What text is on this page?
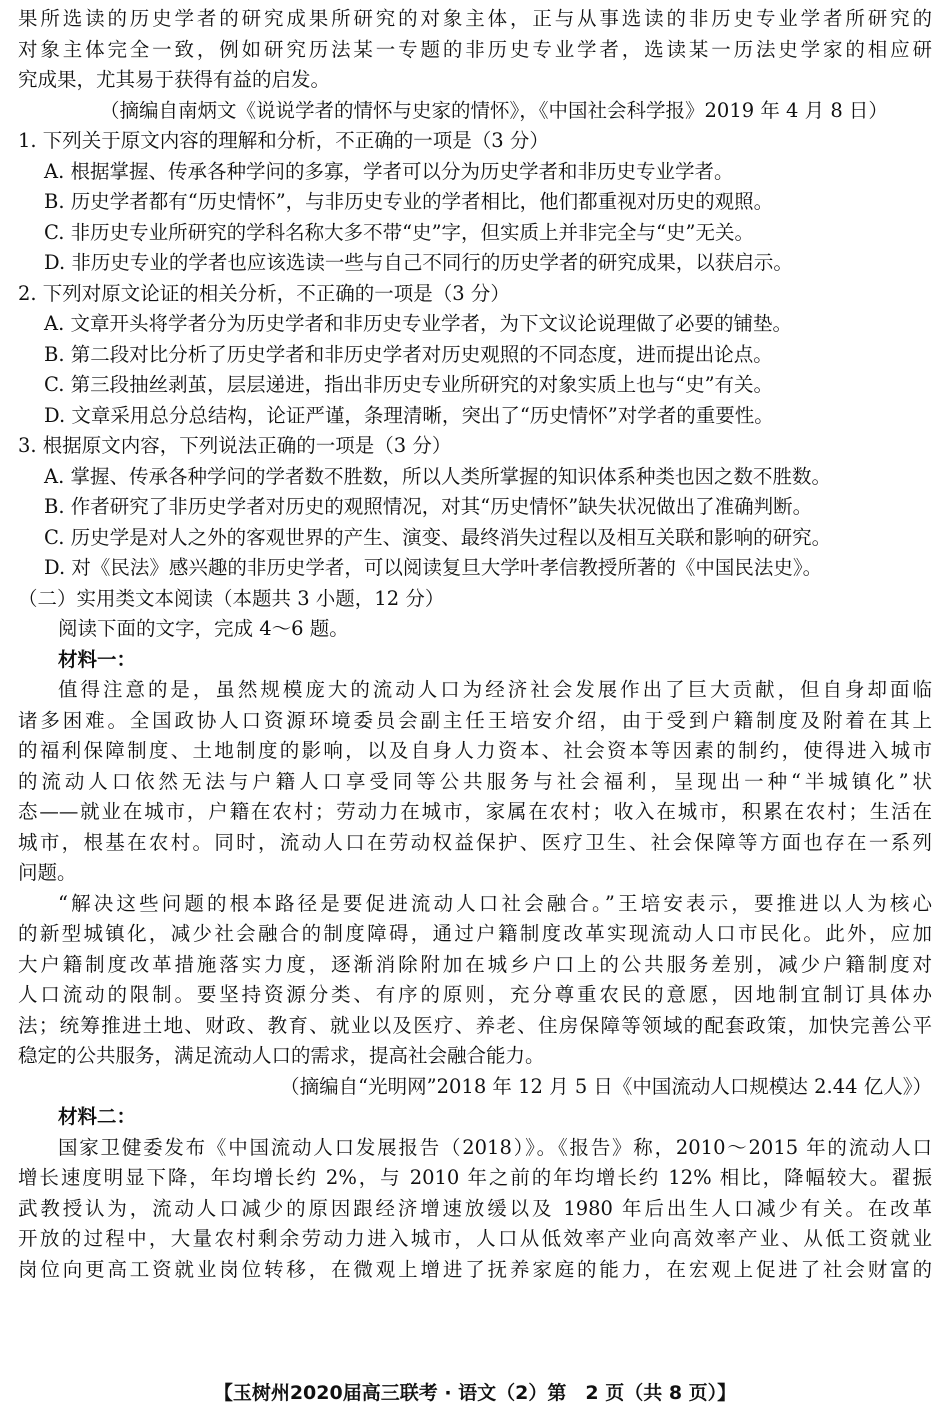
果所选读的历史学者的研究成果所研究的对象主体，正与从事选读的非历史专业学者所研究的
对象主体完全一致，例如研究历法某一专题的非历史专业学者，选读某一历法史学家的相应研
究成果，尤其易于获得有益的启发。
（摘编自南炳文《说说学者的情怀与史家的情怀》，《中国社会科学报》2019 年 4 月 8 日）
1. 下列关于原文内容的理解和分析，不正确的一项是（3 分）
A. 根据掌握、传承各种学问的多寡，学者可以分为历史学者和非历史专业学者。
B. 历史学者都有“历史情怀”，与非历史专业的学者相比，他们都重视对历史的观照。
C. 非历史专业所研究的学科名称大多不带“史”字，但实质上并非完全与“史”无关。
D. 非历史专业的学者也应该选读一些与自己不同行的历史学者的研究成果，以获启示。
2. 下列对原文论证的相关分析，不正确的一项是（3 分）
A. 文章开头将学者分为历史学者和非历史专业学者，为下文议论说理做了必要的铺垫。
B. 第二段对比分析了历史学者和非历史学者对历史观照的不同态度，进而提出论点。
C. 第三段抽丝剥茧，层层递进，指出非历史专业所研究的对象实质上也与“史”有关。
D. 文章采用总分总结构，论证严谨，条理清晰，突出了“历史情怀”对学者的重要性。
3. 根据原文内容，下列说法正确的一项是（3 分）
A. 掌握、传承各种学问的学者数不胜数，所以人类所掌握的知识体系种类也因之数不胜数。
B. 作者研究了非历史学者对历史的观照情况，对其“历史情怀”缺失状况做出了准确判断。
C. 历史学是对人之外的客观世界的产生、演变、最终消失过程以及相互关联和影响的研究。
D. 对《民法》感兴趣的非历史学者，可以阅读复旦大学叶孝信教授所著的《中国民法史》。
（二）实用类文本阅读（本题共 3 小题，12 分）
阅读下面的文字，完成 4～6 题。
材料一：
值得注意的是，虽然规模庞大的流动人口为经济社会发展作出了巨大贡献，但自身却面临
诸多困难。全国政协人口资源环境委员会副主任王培安介绍，由于受到户籍制度及附着在其上
的福利保障制度、土地制度的影响，以及自身人力资本、社会资本等因素的制约，使得进入城市
的流动人口依然无法与户籍人口享受同等公共服务与社会福利，呈现出一种“半城镇化”状
态——就业在城市，户籍在农村；劳动力在城市，家属在农村；收入在城市，积累在农村；生活在
城市，根基在农村。同时，流动人口在劳动权益保护、医疗卫生、社会保障等方面也存在一系列
问题。
“解决这些问题的根本路径是要促进流动人口社会融合。”王培安表示，要推进以人为核心
的新型城镇化，减少社会融合的制度障碍，通过户籍制度改革实现流动人口市民化。此外，应加
大户籍制度改革措施落实力度，逐渐消除附加在城乡户口上的公共服务差别，减少户籍制度对
人口流动的限制。要坚持资源分类、有序的原则，充分尊重农民的意愿，因地制宜制订具体办
法；统筹推进土地、财政、教育、就业以及医疗、养老、住房保障等领域的配套政策，加快完善公平
稳定的公共服务，满足流动人口的需求，提高社会融合能力。
（摘编自“光明网”2018 年 12 月 5 日《中国流动人口规模达 2.44 亿人》）
材料二：
国家卫健委发布《中国流动人口发展报告（2018）》。《报告》称，2010～2015 年的流动人口
增长速度明显下降，年均增长约 2%，与 2010 年之前的年均增长约 12% 相比，降幅较大。翟振
武教授认为，流动人口减少的原因跟经济增速放缓以及 1980 年后出生人口减少有关。在改革
开放的过程中，大量农村剩余劳动力进入城市，人口从低效率产业向高效率产业、从低工资就业
岗位向更高工资就业岗位转移，在微观上增进了抚养家庭的能力，在宏观上促进了社会财富的
【玉树州2020届高三联考 · 语文（2）第　2 页（共 8 页）】
